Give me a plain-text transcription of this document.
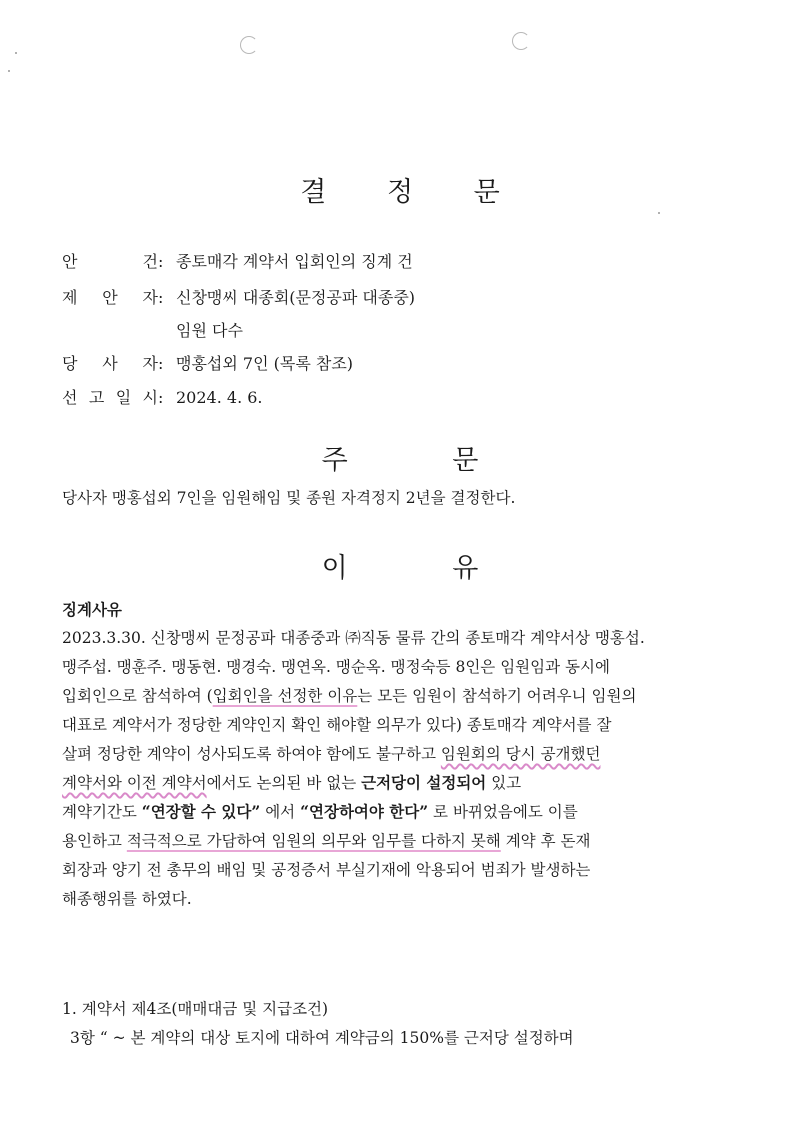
결 정 문
안 건: 종토매각 계약서 입회인의 징계 건
제 안 자: 신창맹씨 대종회(문정공파 대종중)
임원 다수
당 사 자: 맹홍섭외 7인 (목록 참조)
선 고 일 시: 2024. 4. 6.
주 문
당사자 맹홍섭외 7인을 임원해임 및 종원 자격정지 2년을 결정한다.
이 유
징계사유
2023.3.30. 신창맹씨 문정공파 대종중과 ㈜직동 물류 간의 종토매각 계약서상 맹홍섭.
맹주섭. 맹훈주. 맹동현. 맹경숙. 맹연옥. 맹순옥. 맹정숙등 8인은 임원임과 동시에
입회인으로 참석하여 (입회인을 선정한 이유는 모든 임원이 참석하기 어려우니 임원의
대표로 계약서가 정당한 계약인지 확인 해야할 의무가 있다) 종토매각 계약서를 잘
살펴 정당한 계약이 성사되도록 하여야 함에도 불구하고 임원회의 당시 공개했던
계약서와 이전 계약서에서도 논의된 바 없는 근저당이 설정되어 있고
계약기간도 “연장할 수 있다” 에서 “연장하여야 한다” 로 바뀌었음에도 이를
용인하고 적극적으로 가담하여 임원의 의무와 임무를 다하지 못해 계약 후 돈재
회장과 양기 전 총무의 배임 및 공정증서 부실기재에 악용되어 범죄가 발생하는
해종행위를 하였다.
1. 계약서 제4조(매매대금 및 지급조건)
3항 “ ~ 본 계약의 대상 토지에 대하여 계약금의 150%를 근저당 설정하며
